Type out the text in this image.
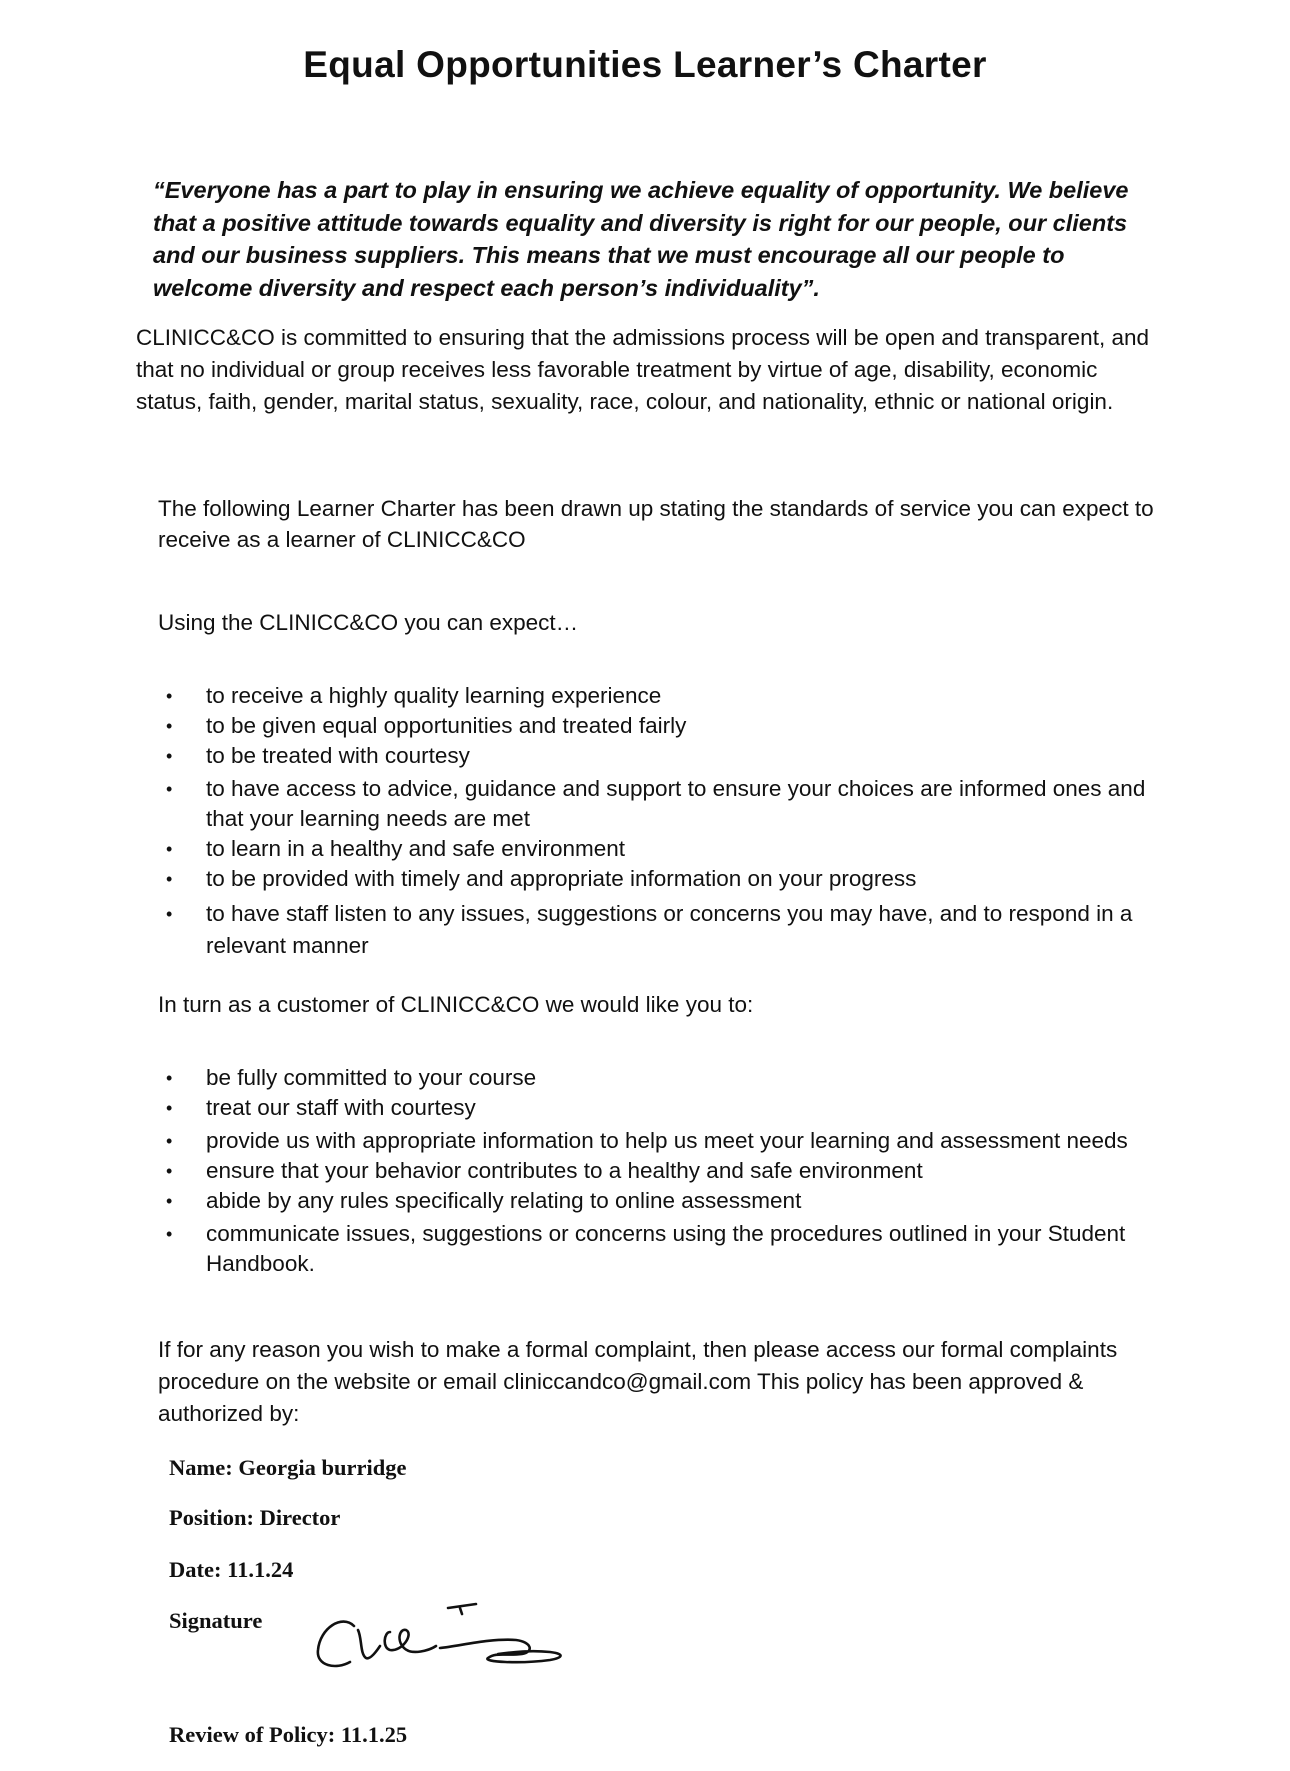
Equal Opportunities Learner’s Charter

“Everyone has a part to play in ensuring we achieve equality of opportunity. We believe that a positive attitude towards equality and diversity is right for our people, our clients and our business suppliers. This means that we must encourage all our people to welcome diversity and respect each person’s individuality”.

CLINICC&CO is committed to ensuring that the admissions process will be open and transparent, and that no individual or group receives less favorable treatment by virtue of age, disability, economic status, faith, gender, marital status, sexuality, race, colour, and nationality, ethnic or national origin.

The following Learner Charter has been drawn up stating the standards of service you can expect to receive as a learner of CLINICC&CO

Using the CLINICC&CO you can expect…

• to receive a highly quality learning experience
• to be given equal opportunities and treated fairly
• to be treated with courtesy
• to have access to advice, guidance and support to ensure your choices are informed ones and that your learning needs are met
• to learn in a healthy and safe environment
• to be provided with timely and appropriate information on your progress
• to have staff listen to any issues, suggestions or concerns you may have, and to respond in a relevant manner

In turn as a customer of CLINICC&CO we would like you to:

• be fully committed to your course
• treat our staff with courtesy
• provide us with appropriate information to help us meet your learning and assessment needs
• ensure that your behavior contributes to a healthy and safe environment
• abide by any rules specifically relating to online assessment
• communicate issues, suggestions or concerns using the procedures outlined in your Student Handbook.

If for any reason you wish to make a formal complaint, then please access our formal complaints procedure on the website or email cliniccandco@gmail.com This policy has been approved & authorized by:

Name: Georgia burridge

Position: Director

Date: 11.1.24

Signature

Review of Policy: 11.1.25
